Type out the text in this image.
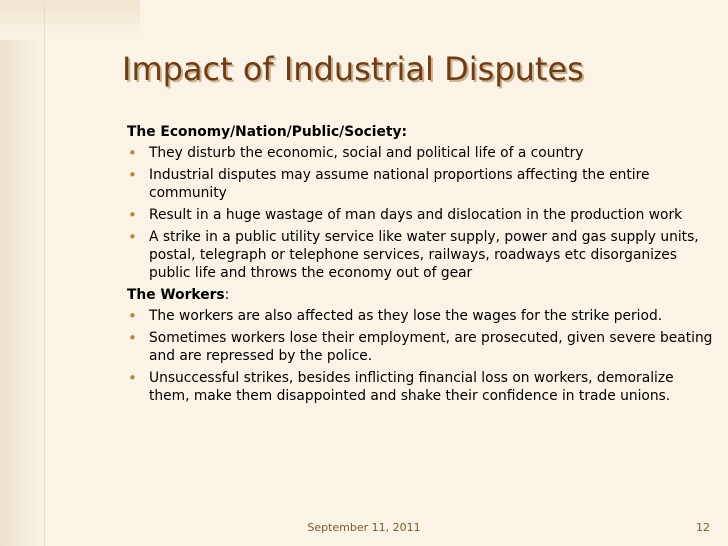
Impact of Industrial Disputes

The Economy/Nation/Public/Society:

• They disturb the economic, social and political life of a country
• Industrial disputes may assume national proportions affecting the entire community
• Result in a huge wastage of man days and dislocation in the production work
• A strike in a public utility service like water supply, power and gas supply units, postal, telegraph or telephone services, railways, roadways etc disorganizes public life and throws the economy out of gear

The Workers:

• The workers are also affected as they lose the wages for the strike period.
• Sometimes workers lose their employment, are prosecuted, given severe beating and are repressed by the police.
• Unsuccessful strikes, besides inflicting financial loss on workers, demoralize them, make them disappointed and shake their confidence in trade unions.
September 11, 2011	12
